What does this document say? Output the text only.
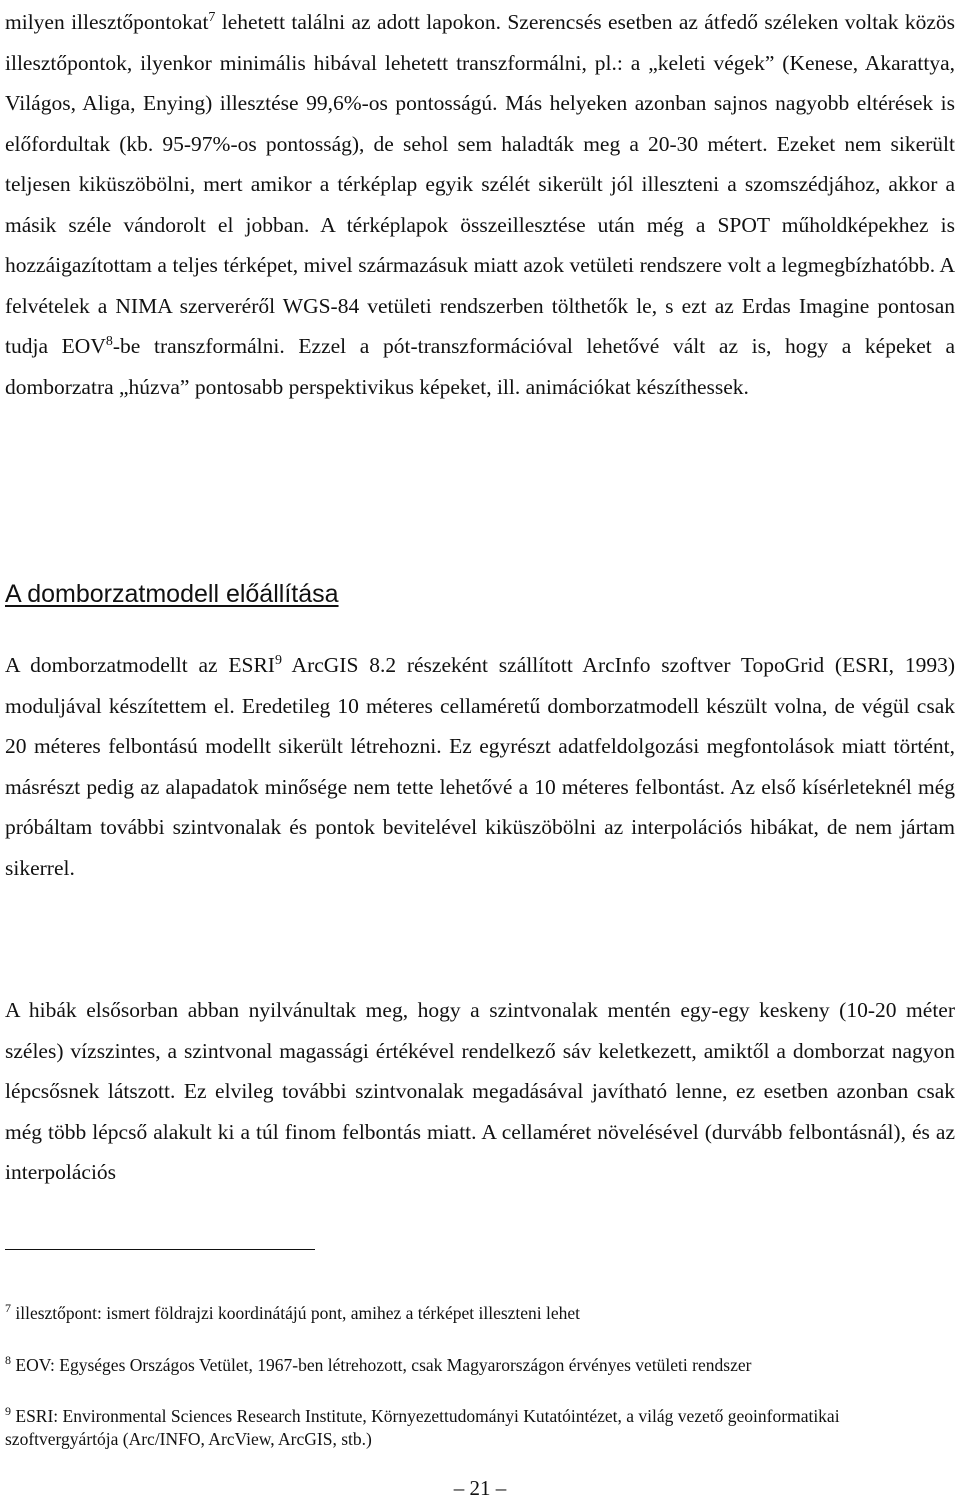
milyen illesztőpontokat$^7$ lehetett találni az adott lapokon. Szerencsés esetben az átfedő széleken voltak közös illesztőpontok, ilyenkor minimális hibával lehetett transzformálni, pl.: a „keleti végek” (Kenese, Akarattya, Világos, Aliga, Enying) illesztése 99,6%-os pontosságú. Más helyeken azonban sajnos nagyobb eltérések is előfordultak (kb. 95-97%-os pontosság), de sehol sem haladták meg a 20-30 métert. Ezeket nem sikerült teljesen kiküszöbölni, mert amikor a térképlap egyik szélét sikerült jól illeszteni a szomszédjához, akkor a másik széle vándorolt el jobban. A térképlapok összeillesztése után még a SPOT műholdképekhez is hozzáigazítottam a teljes térképet, mivel származásuk miatt azok vetületi rendszere volt a legmegbízhatóbb. A felvételek a NIMA szerveréről WGS-84 vetületi rendszerben tölthetők le, s ezt az Erdas Imagine pontosan tudja EOV$^8$-be transzformálni. Ezzel a pót-transzformációval lehetővé vált az is, hogy a képeket a domborzatra „húzva” pontosabb perspektivikus képeket, ill. animációkat készíthessek.

A domborzatmodell előállítása

A domborzatmodellt az ESRI$^9$ ArcGIS 8.2 részeként szállított ArcInfo szoftver TopoGrid (ESRI, 1993) moduljával készítettem el. Eredetileg 10 méteres cellaméretű domborzatmodell készült volna, de végül csak 20 méteres felbontású modellt sikerült létrehozni. Ez egyrészt adatfeldolgozási megfontolások miatt történt, másrészt pedig az alapadatok minősége nem tette lehetővé a 10 méteres felbontást. Az első kísérleteknél még próbáltam további szintvonalak és pontok bevitelével kiküszöbölni az interpolációs hibákat, de nem jártam sikerrel.

A hibák elsősorban abban nyilvánultak meg, hogy a szintvonalak mentén egy-egy keskeny (10-20 méter széles) vízszintes, a szintvonal magassági értékével rendelkező sáv keletkezett, amiktől a domborzat nagyon lépcsősnek látszott. Ez elvileg további szintvonalak megadásával javítható lenne, ez esetben azonban csak még több lépcső alakult ki a túl finom felbontás miatt. A cellaméret növelésével (durvább felbontásnál), és az interpolációs

$^7$ illesztőpont: ismert földrajzi koordinátájú pont, amihez a térképet illeszteni lehet

$^8$ EOV: Egységes Országos Vetület, 1967-ben létrehozott, csak Magyarországon érvényes vetületi rendszer

$^9$ ESRI: Environmental Sciences Research Institute, Környezettudományi Kutatóintézet, a világ vezető geoinformatikai szoftvergyártója (Arc/INFO, ArcView, ArcGIS, stb.)

– 21 –
